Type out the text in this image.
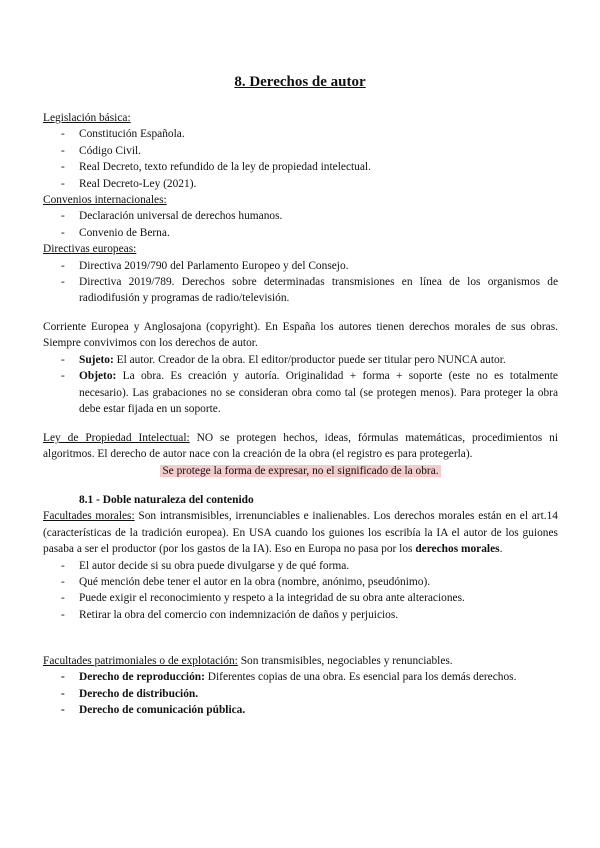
8. Derechos de autor
Legislación básica:
- Constitución Española.
- Código Civil.
- Real Decreto, texto refundido de la ley de propiedad intelectual.
- Real Decreto-Ley (2021).
Convenios internacionales:
- Declaración universal de derechos humanos.
- Convenio de Berna.
Directivas europeas:
- Directiva 2019/790 del Parlamento Europeo y del Consejo.
- Directiva 2019/789. Derechos sobre determinadas transmisiones en línea de los organismos de radiodifusión y programas de radio/televisión.
Corriente Europea y Anglosajona (copyright). En España los autores tienen derechos morales de sus obras. Siempre convivimos con los derechos de autor.
- Sujeto: El autor. Creador de la obra. El editor/productor puede ser titular pero NUNCA autor.
- Objeto: La obra. Es creación y autoría. Originalidad + forma + soporte (este no es totalmente necesario). Las grabaciones no se consideran obra como tal (se protegen menos). Para proteger la obra debe estar fijada en un soporte.
Ley de Propiedad Intelectual: NO se protegen hechos, ideas, fórmulas matemáticas, procedimientos ni algoritmos. El derecho de autor nace con la creación de la obra (el registro es para protegerla).
Se protege la forma de expresar, no el significado de la obra.
8.1 - Doble naturaleza del contenido
Facultades morales: Son intransmisibles, irrenunciables e inalienables. Los derechos morales están en el art.14 (características de la tradición europea). En USA cuando los guiones los escribía la IA el autor de los guiones pasaba a ser el productor (por los gastos de la IA). Eso en Europa no pasa por los derechos morales.
- El autor decide si su obra puede divulgarse y de qué forma.
- Qué mención debe tener el autor en la obra (nombre, anónimo, pseudónimo).
- Puede exigir el reconocimiento y respeto a la integridad de su obra ante alteraciones.
- Retirar la obra del comercio con indemnización de daños y perjuicios.
Facultades patrimoniales o de explotación: Son transmisibles, negociables y renunciables.
- Derecho de reproducción: Diferentes copias de una obra. Es esencial para los demás derechos.
- Derecho de distribución.
- Derecho de comunicación pública.
